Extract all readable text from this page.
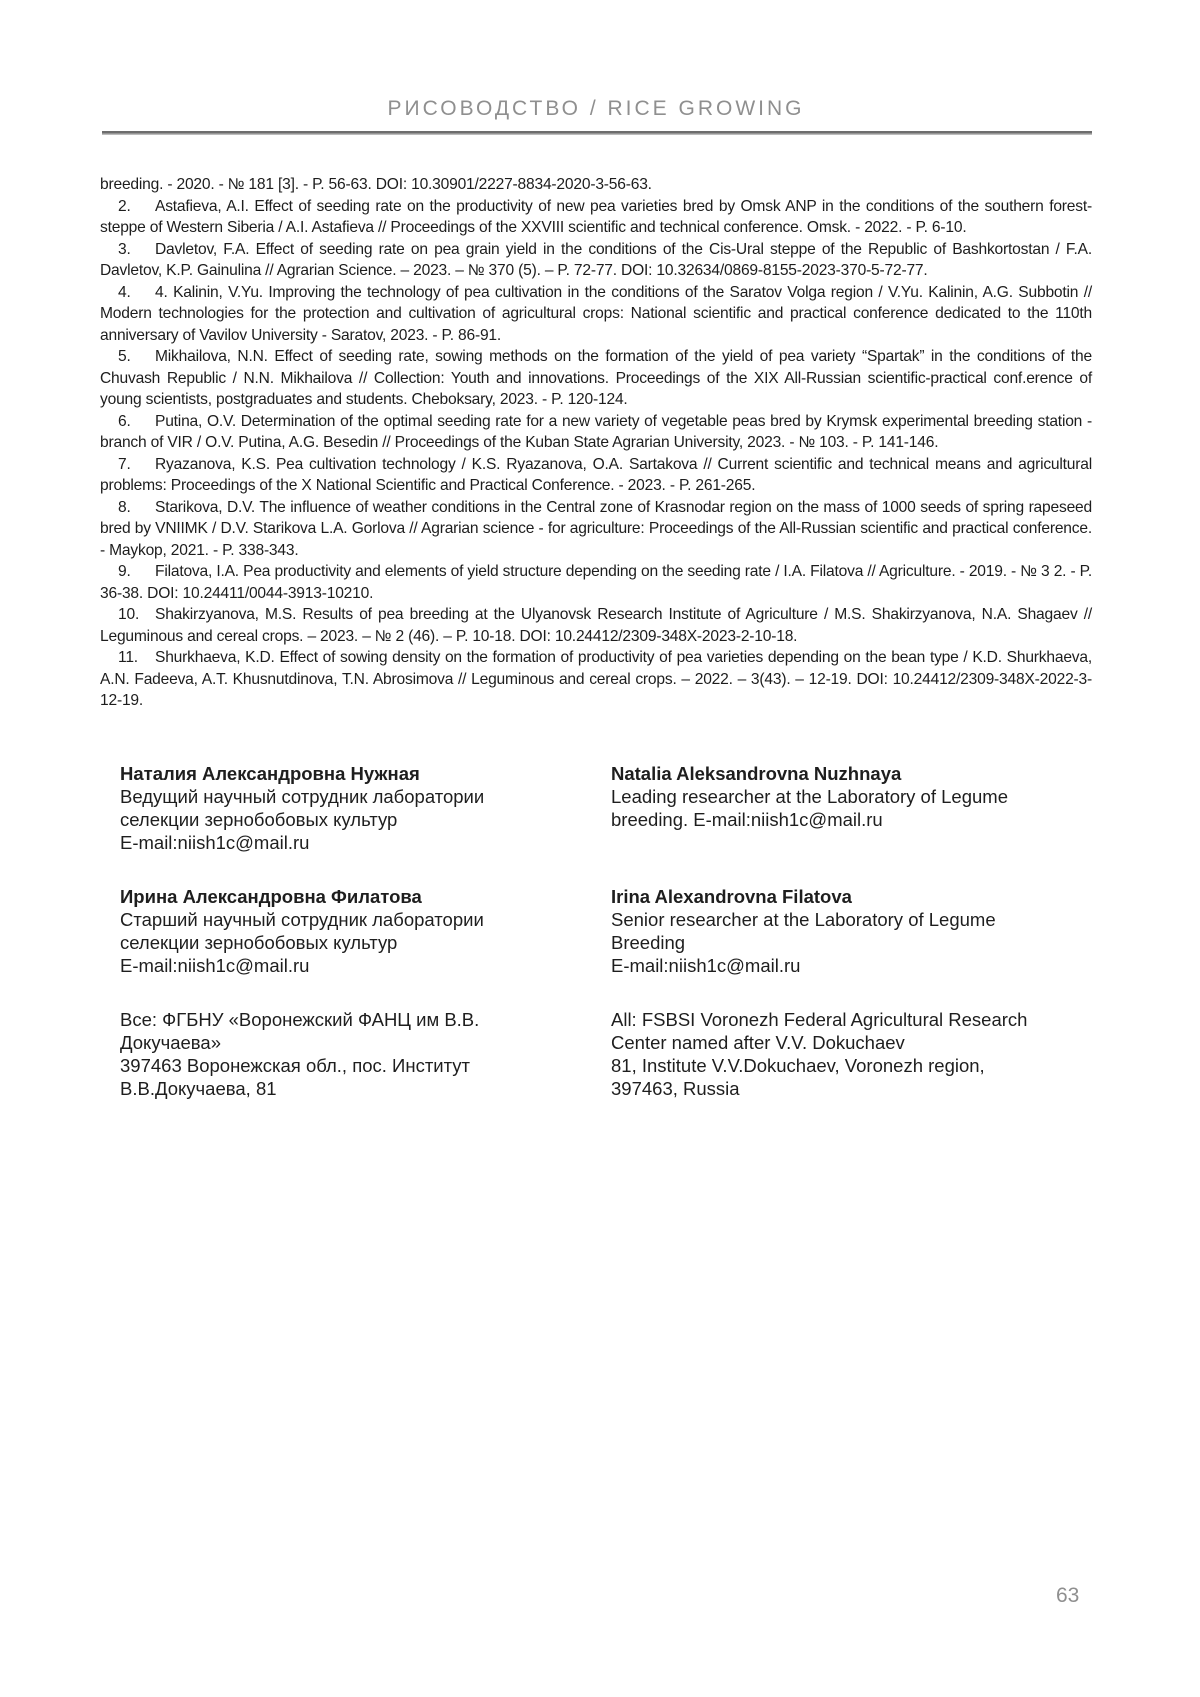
РИСОВОДСТВО / RICE GROWING

breeding. - 2020. - № 181 [3]. - P. 56-63. DOI: 10.30901/2227-8834-2020-3-56-63.

2. Astafieva, A.I. Effect of seeding rate on the productivity of new pea varieties bred by Omsk ANP in the conditions of the southern forest-steppe of Western Siberia / A.I. Astafieva // Proceedings of the XXVIII scientific and technical conference. Omsk. - 2022. - P. 6-10.

3. Davletov, F.A. Effect of seeding rate on pea grain yield in the conditions of the Cis-Ural steppe of the Republic of Bashkortostan / F.A. Davletov, K.P. Gainulina // Agrarian Science. – 2023. – № 370 (5). – P. 72-77. DOI: 10.32634/0869-8155-2023-370-5-72-77.

4. 4. Kalinin, V.Yu. Improving the technology of pea cultivation in the conditions of the Saratov Volga region / V.Yu. Kalinin, A.G. Subbotin // Modern technologies for the protection and cultivation of agricultural crops: National scientific and practical conference dedicated to the 110th anniversary of Vavilov University - Saratov, 2023. - P. 86-91.

5. Mikhailova, N.N. Effect of seeding rate, sowing methods on the formation of the yield of pea variety “Spartak” in the conditions of the Chuvash Republic / N.N. Mikhailova // Collection: Youth and innovations. Proceedings of the XIX All-Russian scientific-practical conf.erence of young scientists, postgraduates and students. Cheboksary, 2023. - P. 120-124.

6. Putina, O.V. Determination of the optimal seeding rate for a new variety of vegetable peas bred by Krymsk experimental breeding station - branch of VIR / O.V. Putina, A.G. Besedin // Proceedings of the Kuban State Agrarian University, 2023. - № 103. - P. 141-146.

7. Ryazanova, K.S. Pea cultivation technology / K.S. Ryazanova, O.A. Sartakova // Current scientific and technical means and agricultural problems: Proceedings of the X National Scientific and Practical Conference. - 2023. - P. 261-265.

8. Starikova, D.V. The influence of weather conditions in the Central zone of Krasnodar region on the mass of 1000 seeds of spring rapeseed bred by VNIIMK / D.V. Starikova L.A. Gorlova // Agrarian science - for agriculture: Proceedings of the All-Russian scientific and practical conference. - Maykop, 2021. - P. 338-343.

9. Filatova, I.A. Pea productivity and elements of yield structure depending on the seeding rate / I.A. Filatova // Agriculture. - 2019. - № 3 2. - P. 36-38. DOI: 10.24411/0044-3913-10210.

10. Shakirzyanova, M.S. Results of pea breeding at the Ulyanovsk Research Institute of Agriculture / M.S. Shakirzyanova, N.A. Shagaev // Leguminous and cereal crops. – 2023. – № 2 (46). – P. 10-18. DOI: 10.24412/2309-348X-2023-2-10-18.

11. Shurkhaeva, K.D. Effect of sowing density on the formation of productivity of pea varieties depending on the bean type / K.D. Shurkhaeva, A.N. Fadeeva, A.T. Khusnutdinova, T.N. Abrosimova // Leguminous and cereal crops. – 2022. – 3(43). – 12-19. DOI: 10.24412/2309-348X-2022-3-12-19.

Наталия Александровна Нужная
Ведущий научный сотрудник лаборатории
селекции зернобобовых культур
E-mail:niish1c@mail.ru
Natalia Aleksandrovna Nuzhnaya
Leading researcher at the Laboratory of Legume
breeding. E-mail:niish1c@mail.ru
Ирина Александровна Филатова
Старший научный сотрудник лаборатории
селекции зернобобовых культур
E-mail:niish1c@mail.ru
Irina Alexandrovna Filatova
Senior researcher at the Laboratory of Legume
Breeding
E-mail:niish1c@mail.ru
Все: ФГБНУ «Воронежский ФАНЦ им В.В.
Докучаева»
397463 Воронежская обл., пос. Институт
В.В.Докучаева, 81
All: FSBSI Voronezh Federal Agricultural Research
Center named after V.V. Dokuchaev
81, Institute V.V.Dokuchaev, Voronezh region,
397463, Russia
63
